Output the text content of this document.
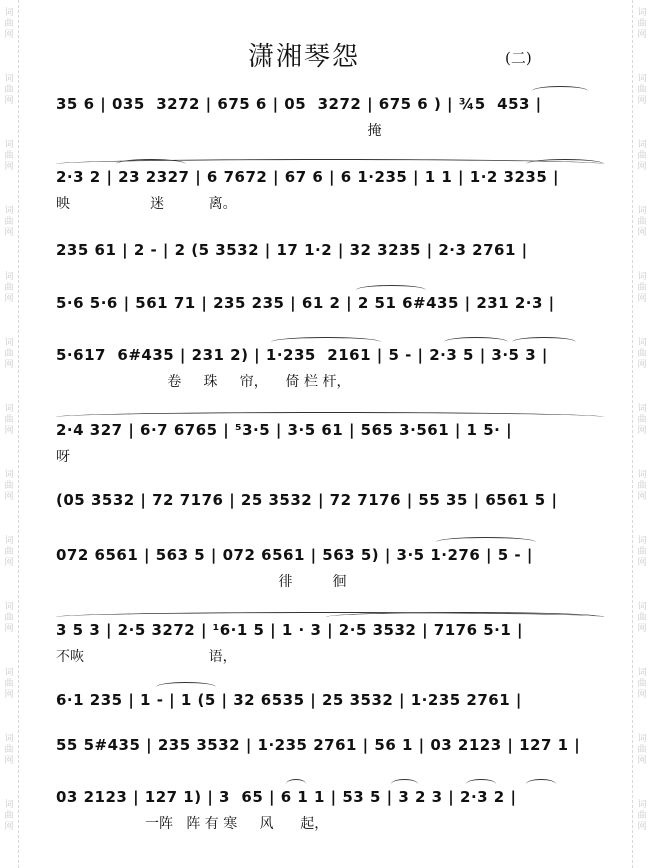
词曲网
词曲网
词曲网
词曲网
词曲网
词曲网
词曲网
词曲网
词曲网
词曲网
词曲网
词曲网
词曲网
词曲网
词曲网
词曲网
词曲网
词曲网
词曲网
词曲网
词曲网
词曲网
词曲网
词曲网
词曲网
词曲网
潇湘琴怨	(二)
35 6 | 035  3272 | 675 6 | 05  3272 | 675 6 ) | ¾5  453 |
掩
2·3 2 | 23 2327 | 6 7672 | 67 6 | 6 1·235 | 1 1 | 1·2 3235 |
映                  迷          离。
235 61 | 2 - | 2 (5 3532 | 17 1·2 | 32 3235 | 2·3 2761 |
5·6 5·6 | 561 71 | 235 235 | 61 2 | 2 51 6#435 | 231 2·3 |
5·617  6#435 | 231 2) | 1·235  2161 | 5 - | 2·3 5 | 3·5 3 |
卷     珠     帘，    倚 栏 杆，
2·4 327 | 6·7 6765 | ⁵3·5 | 3·5 61 | 565 3·561 | 1 5· |
呀
(05 3532 | 72 7176 | 25 3532 | 72 7176 | 55 35 | 6561 5 |
072 6561 | 563 5 | 072 6561 | 563 5) | 3·5 1·276 | 5 - |
徘         徊
3 5 3 | 2·5 3272 | ¹6·1 5 | 1 · 3 | 2·5 3532 | 7176 5·1 |
不咴                            语，
6·1 235 | 1 - | 1 (5 | 32 6535 | 25 3532 | 1·235 2761 |
55 5#435 | 235 3532 | 1·235 2761 | 56 1 | 03 2123 | 127 1 |
03 2123 | 127 1) | 3  65 | 6 1 1 | 53 5 | 3 2 3 | 2·3 2 |
一阵   阵 有 寒     风      起，
